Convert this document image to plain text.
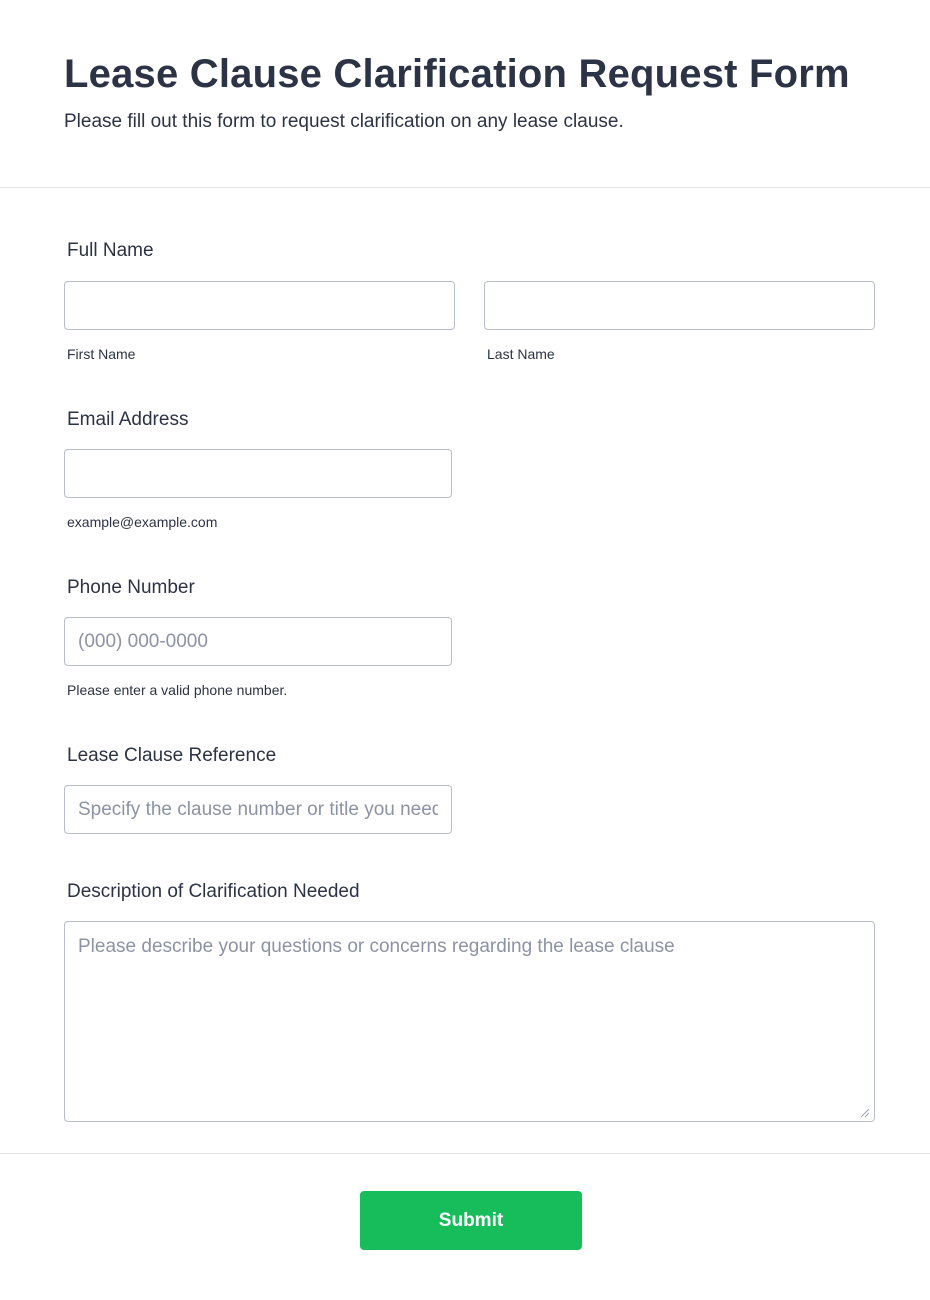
Lease Clause Clarification Request Form

Please fill out this form to request clarification on any lease clause.

Full Name
First Name	Last Name
Email Address
example@example.com
Phone Number
(000) 000-0000
Please enter a valid phone number.
Lease Clause Reference
Specify the clause number or title you need clarification on
Description of Clarification Needed
Please describe your questions or concerns regarding the lease clause
Submit
